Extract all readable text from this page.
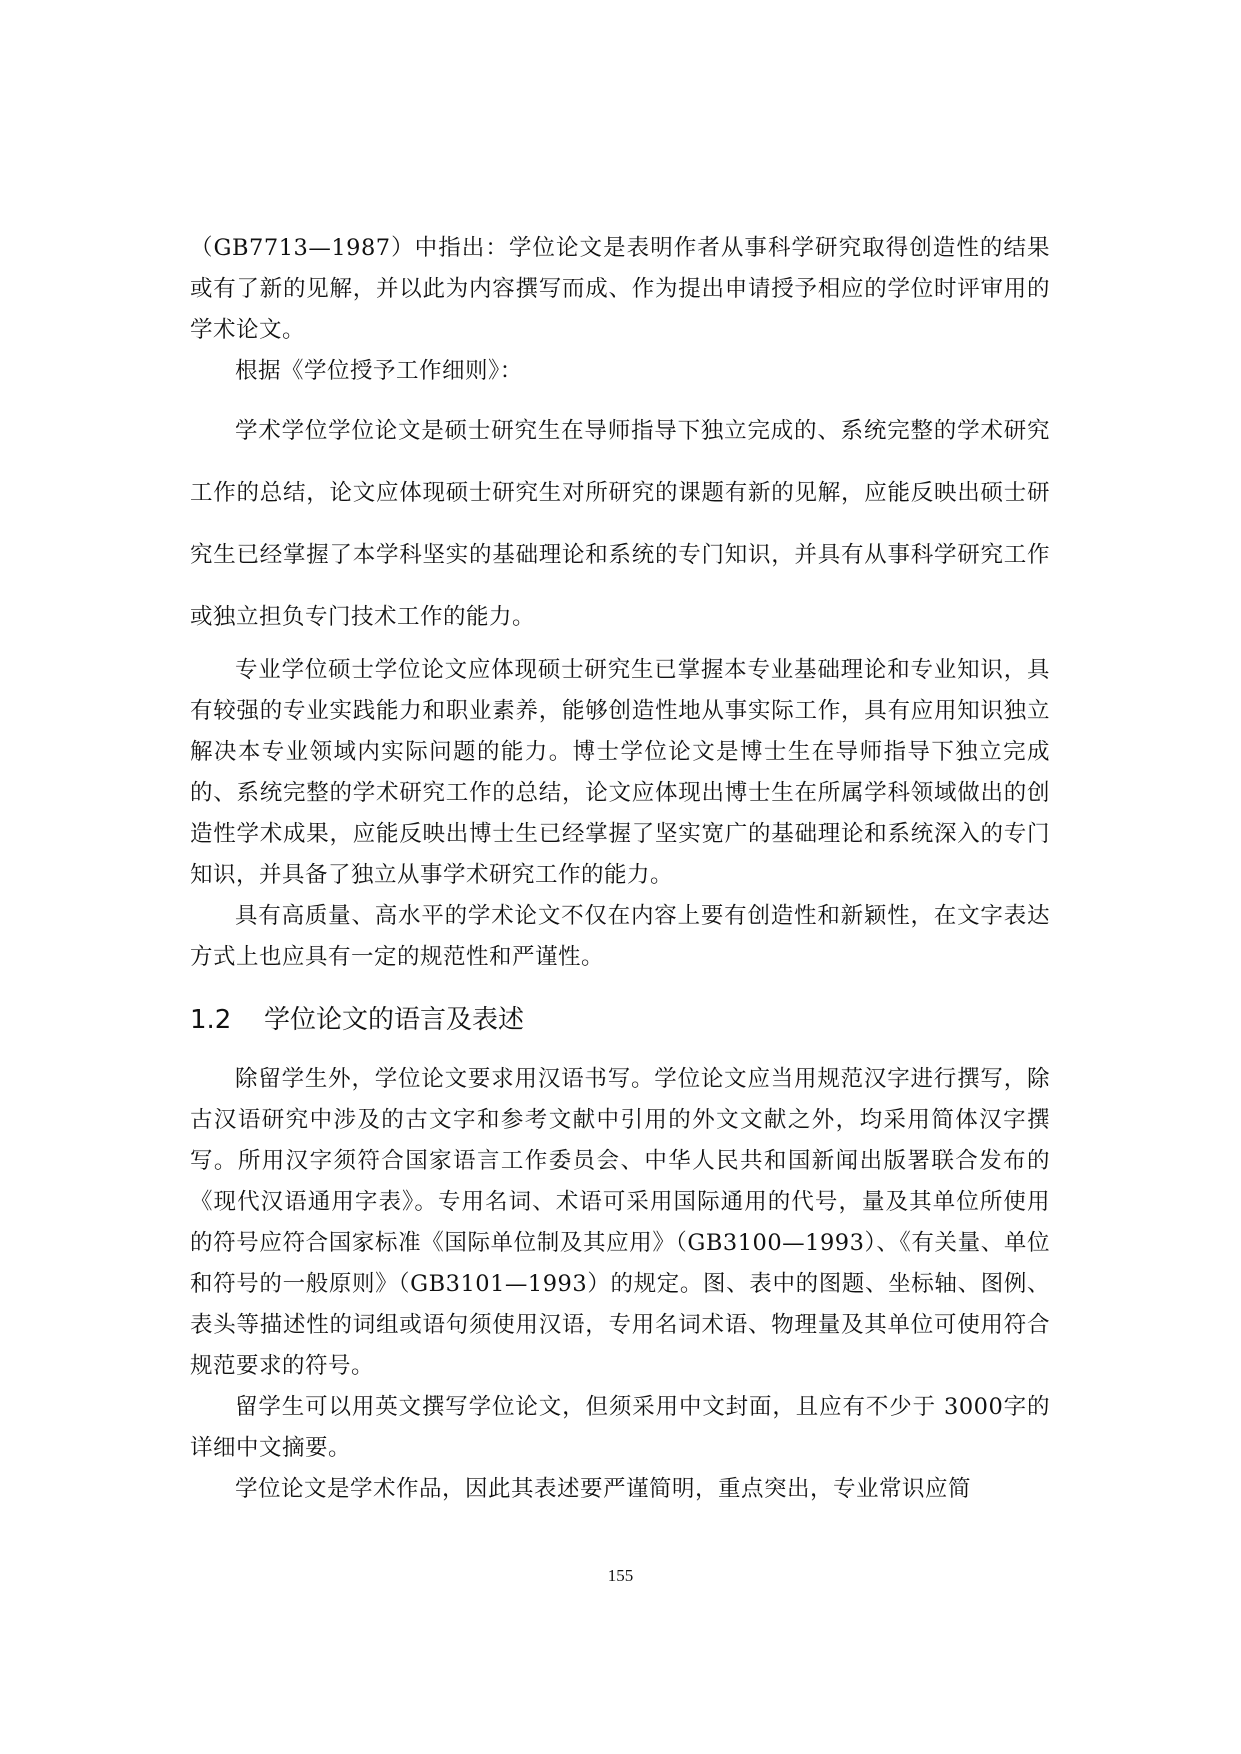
（GB7713—1987）中指出：学位论文是表明作者从事科学研究取得创造性的结果或有了新的见解，并以此为内容撰写而成、作为提出申请授予相应的学位时评审用的学术论文。

根据《学位授予工作细则》：

学术学位学位论文是硕士研究生在导师指导下独立完成的、系统完整的学术研究工作的总结，论文应体现硕士研究生对所研究的课题有新的见解，应能反映出硕士研究生已经掌握了本学科坚实的基础理论和系统的专门知识，并具有从事科学研究工作或独立担负专门技术工作的能力。

专业学位硕士学位论文应体现硕士研究生已掌握本专业基础理论和专业知识，具有较强的专业实践能力和职业素养，能够创造性地从事实际工作，具有应用知识独立解决本专业领域内实际问题的能力。博士学位论文是博士生在导师指导下独立完成的、系统完整的学术研究工作的总结，论文应体现出博士生在所属学科领域做出的创造性学术成果，应能反映出博士生已经掌握了坚实宽广的基础理论和系统深入的专门知识，并具备了独立从事学术研究工作的能力。

具有高质量、高水平的学术论文不仅在内容上要有创造性和新颖性，在文字表达方式上也应具有一定的规范性和严谨性。

1.2 学位论文的语言及表述

除留学生外，学位论文要求用汉语书写。学位论文应当用规范汉字进行撰写，除古汉语研究中涉及的古文字和参考文献中引用的外文文献之外，均采用简体汉字撰写。所用汉字须符合国家语言工作委员会、中华人民共和国新闻出版署联合发布的《现代汉语通用字表》。专用名词、术语可采用国际通用的代号，量及其单位所使用的符号应符合国家标准《国际单位制及其应用》（GB3100—1993）、《有关量、单位和符号的一般原则》（GB3101—1993）的规定。图、表中的图题、坐标轴、图例、表头等描述性的词组或语句须使用汉语，专用名词术语、物理量及其单位可使用符合规范要求的符号。

留学生可以用英文撰写学位论文，但须采用中文封面，且应有不少于 3000字的详细中文摘要。

学位论文是学术作品，因此其表述要严谨简明，重点突出，专业常识应简

155
